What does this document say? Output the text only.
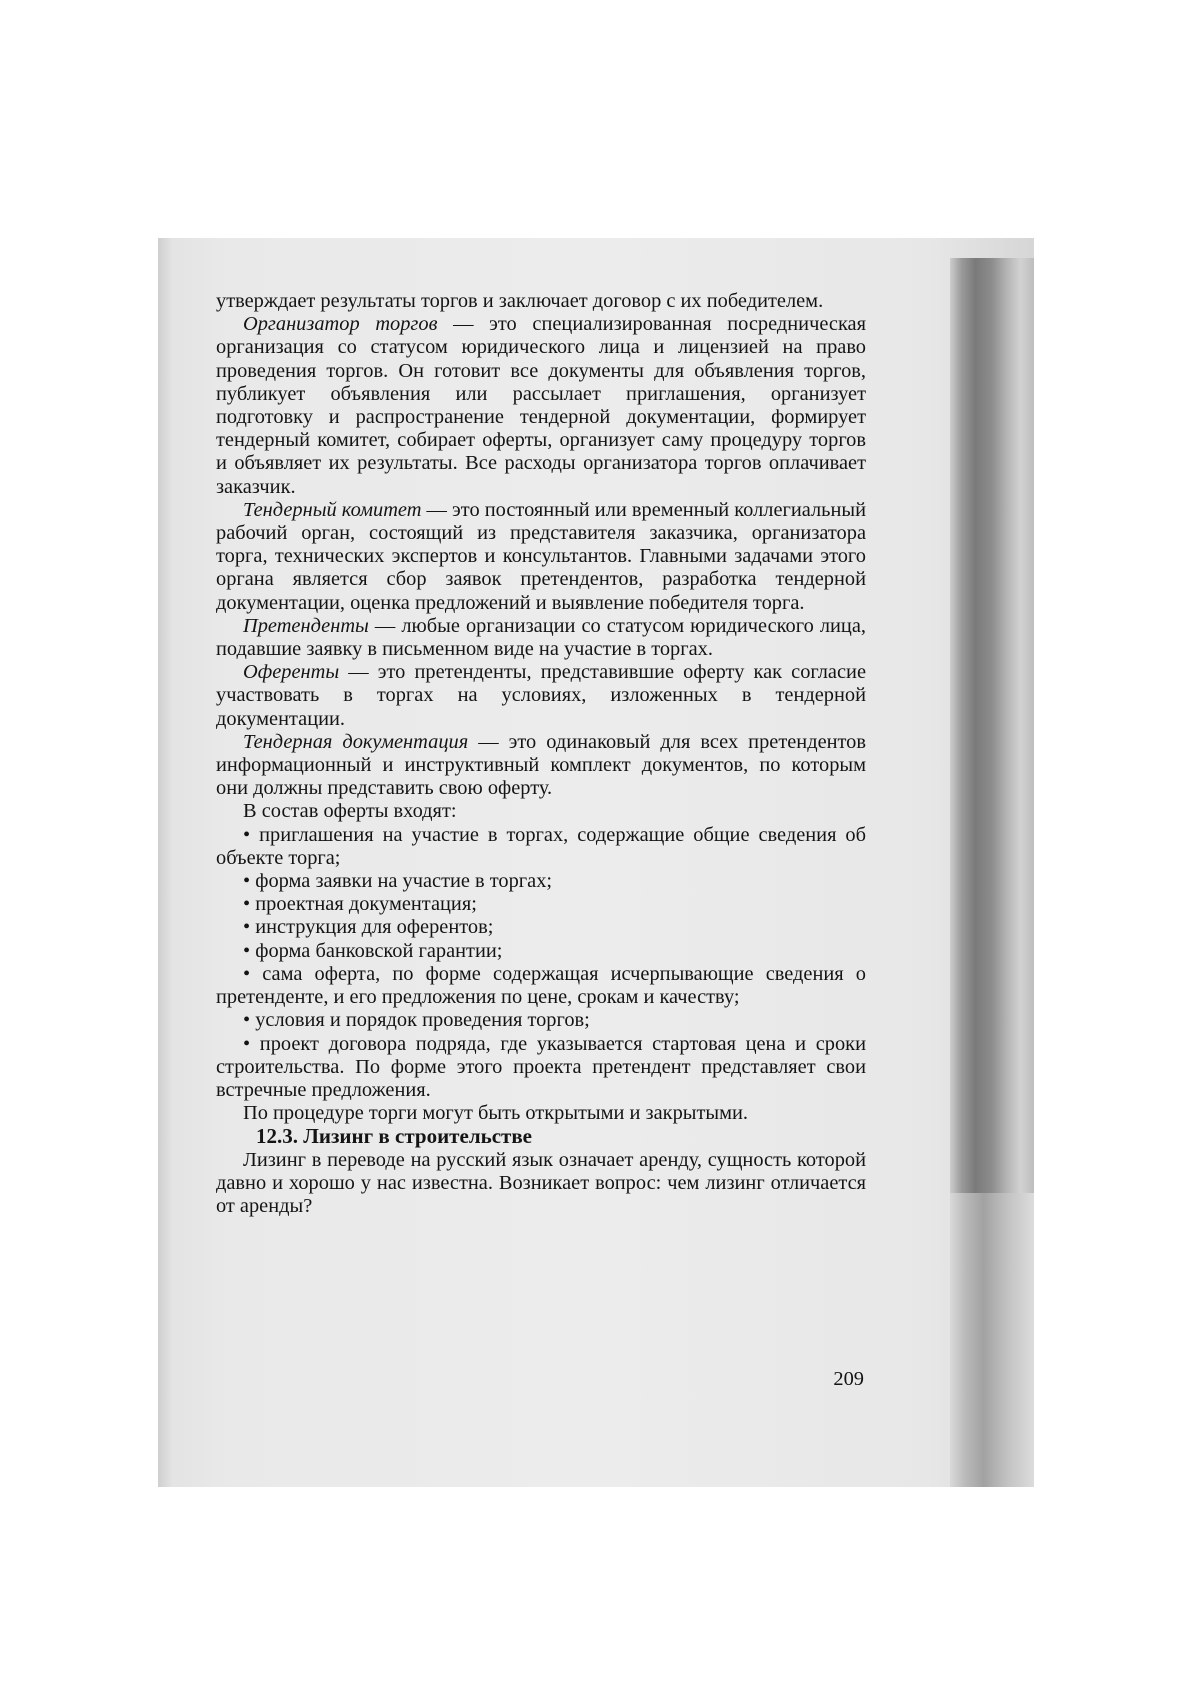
утверждает результаты торгов и заключает договор с их победителем.

Организатор торгов — это специализированная посредническая организация со статусом юридического лица и лицензией на право проведения торгов. Он готовит все документы для объявления торгов, публикует объявления или рассылает приглашения, организует подготовку и распространение тендерной документации, формирует тендерный комитет, собирает оферты, организует саму процедуру торгов и объявляет их результаты. Все расходы организатора торгов оплачивает заказчик.

Тендерный комитет — это постоянный или временный коллегиальный рабочий орган, состоящий из представителя заказчика, организатора торга, технических экспертов и консультантов. Главными задачами этого органа является сбор заявок претендентов, разработка тендерной документации, оценка предложений и выявление победителя торга.

Претенденты — любые организации со статусом юридического лица, подавшие заявку в письменном виде на участие в торгах.

Оференты — это претенденты, представившие оферту как согласие участвовать в торгах на условиях, изложенных в тендерной документации.

Тендерная документация — это одинаковый для всех претендентов информационный и инструктивный комплект документов, по которым они должны представить свою оферту.

В состав оферты входят:

• приглашения на участие в торгах, содержащие общие сведения об объекте торга;

• форма заявки на участие в торгах;

• проектная документация;

• инструкция для оферентов;

• форма банковской гарантии;

• сама оферта, по форме содержащая исчерпывающие сведения о претенденте, и его предложения по цене, срокам и качеству;

• условия и порядок проведения торгов;

• проект договора подряда, где указывается стартовая цена и сроки строительства. По форме этого проекта претендент представляет свои встречные предложения.

По процедуре торги могут быть открытыми и закрытыми.

12.3. Лизинг в строительстве

Лизинг в переводе на русский язык означает аренду, сущность которой давно и хорошо у нас известна. Возникает вопрос: чем лизинг отличается от аренды?

209
